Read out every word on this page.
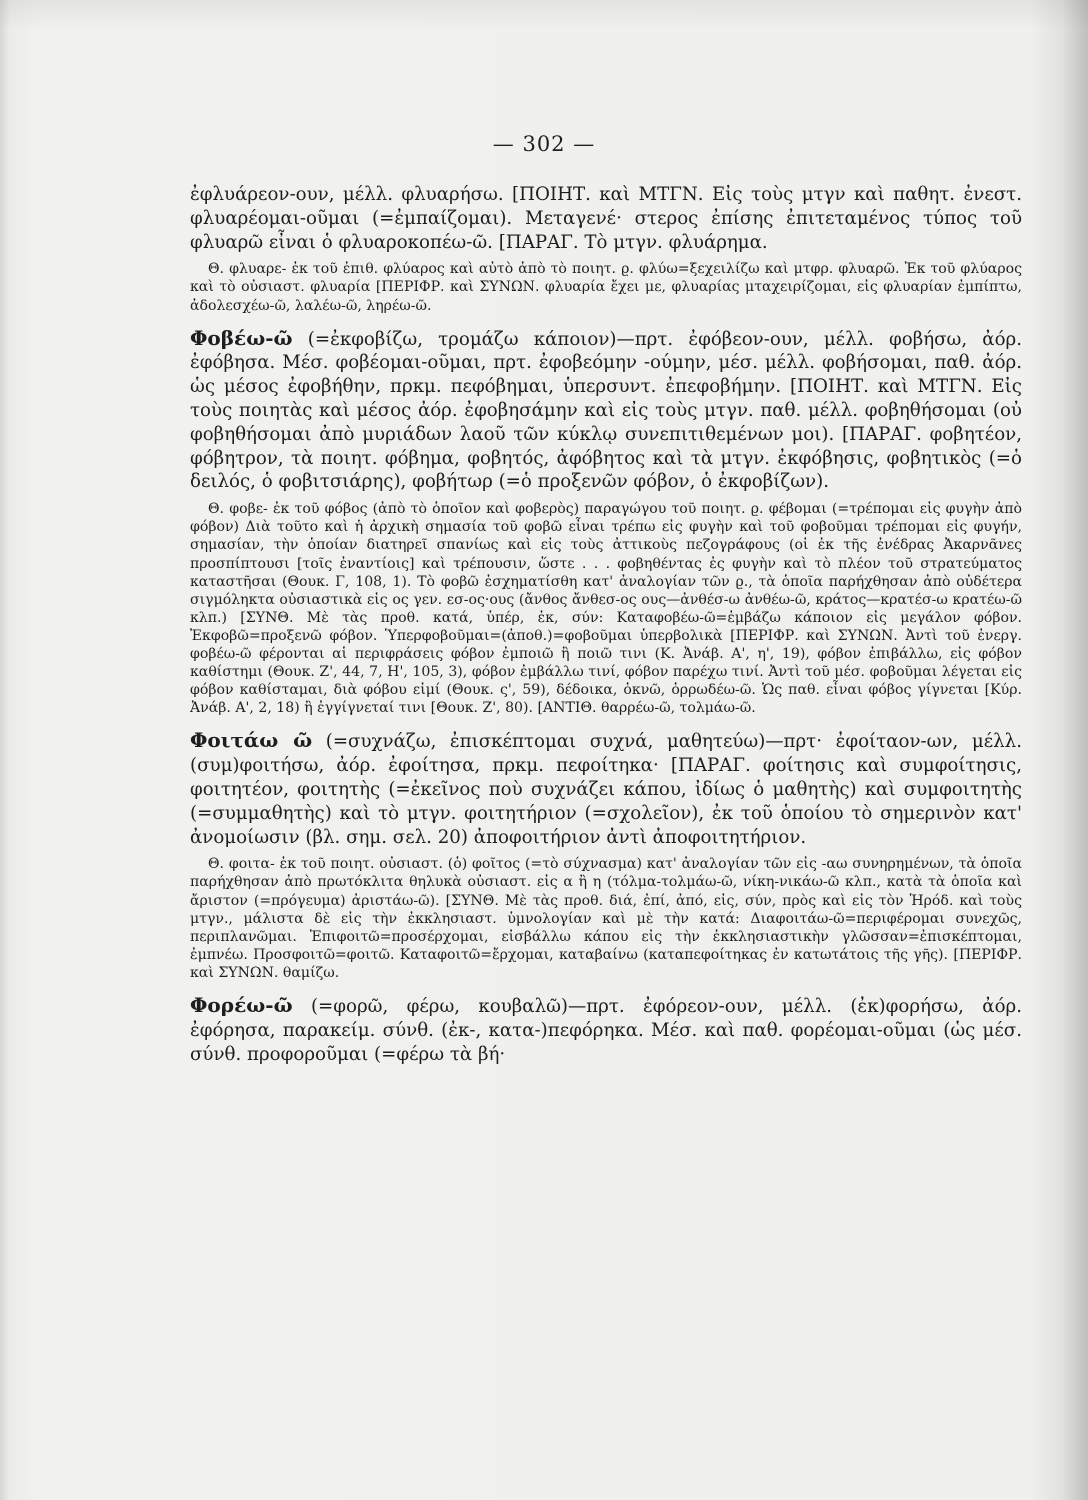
— 302 —

ἐφλυάρεον-ουν, μέλλ. φλυαρήσω. [ΠΟΙΗΤ. καὶ ΜΤΓΝ. Εἰς τοὺς μτγν καὶ παθητ. ἐνεστ. φλυαρέομαι-οῦμαι (=ἐμπαίζομαι). Μεταγενέ· στερος ἐπίσης ἐπιτεταμένος τύπος τοῦ φλυαρῶ εἶναι ὁ φλυαροκοπέω-ῶ. [ΠΑΡΑΓ. Τὸ μτγν. φλυάρημα.

Θ. φλυαρε- ἐκ τοῦ ἐπιθ. φλύαρος καὶ αὐτὸ ἀπὸ τὸ ποιητ. ϱ. φλύω=ξεχειλίζω καὶ μτφρ. φλυαρῶ. Ἐκ τοῦ φλύαρος καὶ τὸ οὐσιαστ. φλυαρία [ΠΕΡΙΦΡ. καὶ ΣΥΝΩΝ. φλυαρία ἔχει με, φλυαρίας μταχειρίζομαι, εἰς φλυαρίαν ἐμπίπτω, ἀδολεσχέω-ῶ, λαλέω-ῶ, ληρέω-ῶ.

Φοβέω-ῶ (=ἐκφοβίζω, τρομάζω κάποιον)—πρτ. ἐφόβεον-ουν, μέλλ. φοβήσω, ἀόρ. ἐφόβησα. Μέσ. φοβέομαι-οῦμαι, πρτ. ἐφοβεόμην -ούμην, μέσ. μέλλ. φοβήσομαι, παθ. ἀόρ. ὡς μέσος ἐφοβήθην, πρκμ. πεφόβημαι, ὑπερσυντ. ἐπεφοβήμην. [ΠΟΙΗΤ. καὶ ΜΤΓΝ. Εἰς τοὺς ποιητὰς καὶ μέσος ἀόρ. ἐφοβησάμην καὶ εἰς τοὺς μτγν. παθ. μέλλ. φοβηθήσομαι (οὐ φοβηθήσομαι ἀπὸ μυριάδων λαοῦ τῶν κύκλῳ συνεπιτιθεμένων μοι). [ΠΑΡΑΓ. φοβητέον, φόβητρον, τὰ ποιητ. φόβημα, φοβητός, ἀφόβητος καὶ τὰ μτγν. ἐκφόβησις, φοβητικὸς (=ὁ δειλός, ὁ φοβιτσιάρης), φοβήτωρ (=ὁ προξενῶν φόβον, ὁ ἐκφοβίζων).

Θ. φοβε- ἐκ τοῦ φόβος (ἀπὸ τὸ ὁποῖον καὶ φοβερὸς) παραγώγου τοῦ ποιητ. ϱ. φέβομαι (=τρέπομαι εἰς φυγὴν ἀπὸ φόβον) Διὰ τοῦτο καὶ ἡ ἀρχικὴ σημασία τοῦ φοβῶ εἶναι τρέπω εἰς φυγὴν καὶ τοῦ φοβοῦμαι τρέπομαι εἰς φυγήν, σημασίαν, τὴν ὁποίαν διατηρεῖ σπανίως καὶ εἰς τοὺς ἀττικοὺς πεζογράφους (οἱ ἐκ τῆς ἐνέδρας Ἀκαρνᾶνες προσπίπτουσι [τοῖς ἐναντίοις] καὶ τρέπουσιν, ὥστε . . . φοβηθέντας ἐς φυγὴν καὶ τὸ πλέον τοῦ στρατεύματος καταστῆσαι (Θουκ. Γ, 108, 1). Τὸ φοβῶ ἐσχηματίσθη κατ' ἀναλογίαν τῶν ϱ., τὰ ὁποῖα παρήχθησαν ἀπὸ οὐδέτερα σιγμόληκτα οὐσιαστικὰ εἰς ος γεν. εσ-ος·ους (ἄνθος ἄνθεσ-ος ους—ἀνθέσ-ω ἀνθέω-ῶ, κράτος—κρατέσ-ω κρατέω-ῶ κλπ.) [ΣΥΝΘ. Μὲ τὰς προθ. κατά, ὑπέρ, ἐκ, σύν: Καταφοβέω-ῶ=ἐμβάζω κάποιον εἰς μεγάλον φόβον. Ἐκφοβῶ=προξενῶ φόβον. Ὑπερφοβοῦμαι=(ἀποθ.)=φοβοῦμαι ὑπερβολικὰ [ΠΕΡΙΦΡ. καὶ ΣΥΝΩΝ. Ἀντὶ τοῦ ἐνεργ. φοβέω-ῶ φέρονται αἱ περιφράσεις φόβον ἐμποιῶ ἢ ποιῶ τινι (Κ. Ἀνάβ. Α', η', 19), φόβον ἐπιβάλλω, εἰς φόβον καθίστημι (Θουκ. Ζ', 44, 7, Η', 105, 3), φόβον ἐμβάλλω τινί, φόβον παρέχω τινί. Ἀντὶ τοῦ μέσ. φοβοῦμαι λέγεται εἰς φόβον καθίσταμαι, διὰ φόβου εἰμί (Θουκ. ς', 59), δέδοικα, ὀκνῶ, ὀρρωδέω-ῶ. Ὡς παθ. εἶναι φόβος γίγνεται [Κύρ. Ἀνάβ. Α', 2, 18) ἢ ἐγγίγνεταί τινι [Θουκ. Ζ', 80). [ΑΝΤΙΘ. θαρρέω-ῶ, τολμάω-ῶ.

Φοιτάω ῶ (=συχνάζω, ἐπισκέπτομαι συχνά, μαθητεύω)—πρτ· ἐφοίταον-ων, μέλλ. (συμ)φοιτήσω, ἀόρ. ἐφοίτησα, πρκμ. πεφοίτηκα· [ΠΑΡΑΓ. φοίτησις καὶ συμφοίτησις, φοιτητέον, φοιτητὴς (=ἐκεῖνος ποὺ συχνάζει κάπου, ἰδίως ὁ μαθητὴς) καὶ συμφοιτητὴς (=συμμαθητὴς) καὶ τὸ μτγν. φοιτητήριον (=σχολεῖον), ἐκ τοῦ ὁποίου τὸ σημερινὸν κατ' ἀνομοίωσιν (βλ. σημ. σελ. 20) ἀποφοιτήριον ἀντὶ ἀποφοιτητήριον.

Θ. φοιτα- ἐκ τοῦ ποιητ. οὐσιαστ. (ὁ) φοῖτος (=τὸ σύχνασμα) κατ' ἀναλογίαν τῶν εἰς -αω συνηρημένων, τὰ ὁποῖα παρήχθησαν ἀπὸ πρωτόκλιτα θηλυκὰ οὐσιαστ. εἰς α ἢ η (τόλμα-τολμάω-ῶ, νίκη-νικάω-ῶ κλπ., κατὰ τὰ ὁποῖα καὶ ἄριστον (=πρόγευμα) ἀριστάω-ῶ). [ΣΥΝΘ. Μὲ τὰς προθ. διά, ἐπί, ἀπό, εἰς, σύν, πρὸς καὶ εἰς τὸν Ἡρόδ. καὶ τοὺς μτγν., μάλιστα δὲ εἰς τὴν ἐκκλησιαστ. ὑμνολογίαν καὶ μὲ τὴν κατά: Διαφοιτάω-ῶ=περιφέρομαι συνεχῶς, περιπλανῶμαι. Ἐπιφοιτῶ=προσέρχομαι, εἰσβάλλω κάπου εἰς τὴν ἐκκλησιαστικὴν γλῶσσαν=ἐπισκέπτομαι, ἐμπνέω. Προσφοιτῶ=φοιτῶ. Καταφοιτῶ=ἔρχομαι, καταβαίνω (καταπεφοίτηκας ἐν κατωτάτοις τῆς γῆς). [ΠΕΡΙΦΡ. καὶ ΣΥΝΩΝ. θαμίζω.

Φορέω-ῶ (=φορῶ, φέρω, κουβαλῶ)—πρτ. ἐφόρεον-ουν, μέλλ. (ἐκ)φορήσω, ἀόρ. ἐφόρησα, παρακείμ. σύνθ. (ἐκ-, κατα-)πεφόρηκα. Μέσ. καὶ παθ. φορέομαι-οῦμαι (ὡς μέσ. σύνθ. προφοροῦμαι (=φέρω τὰ βή·
